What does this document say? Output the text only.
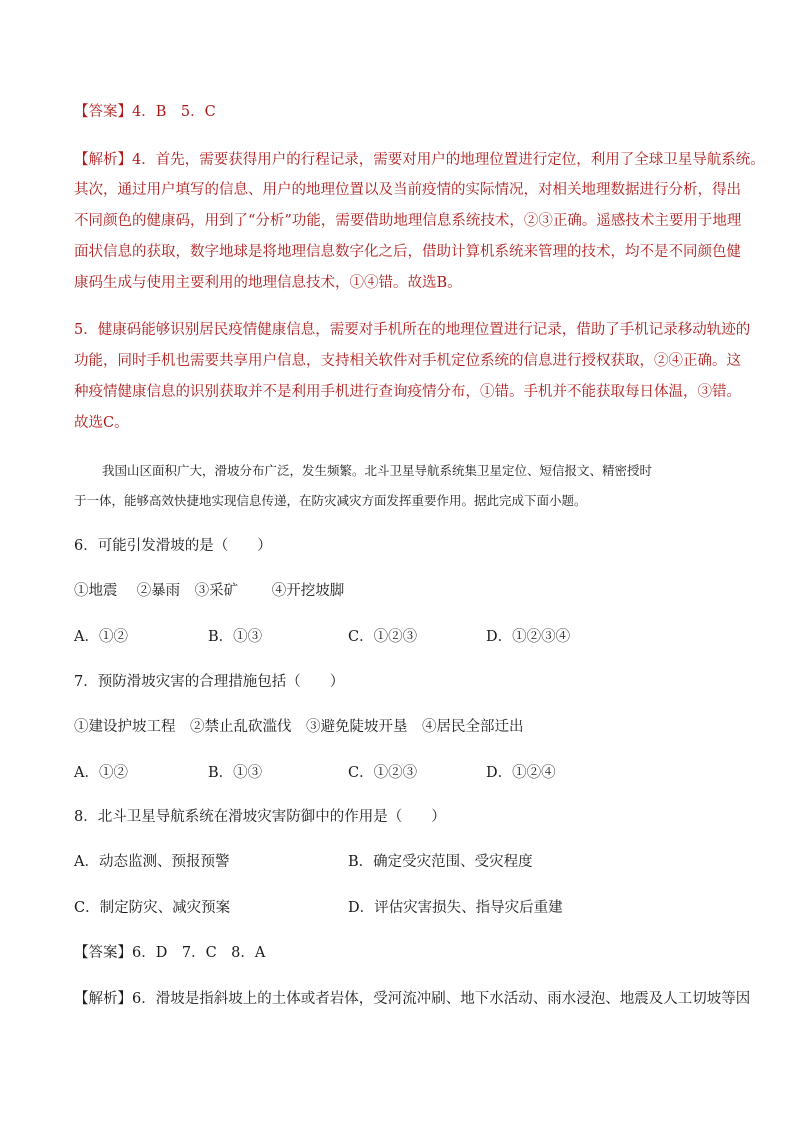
【答案】4．B　5．C
【解析】4．首先，需要获得用户的行程记录，需要对用户的地理位置进行定位，利用了全球卫星导航系统。
其次，通过用户填写的信息、用户的地理位置以及当前疫情的实际情况，对相关地理数据进行分析，得出
不同颜色的健康码，用到了“分析”功能，需要借助地理信息系统技术，②③正确。遥感技术主要用于地理
面状信息的获取，数字地球是将地理信息数字化之后，借助计算机系统来管理的技术，均不是不同颜色健
康码生成与使用主要利用的地理信息技术，①④错。故选B。
5．健康码能够识别居民疫情健康信息，需要对手机所在的地理位置进行记录，借助了手机记录移动轨迹的
功能，同时手机也需要共享用户信息，支持相关软件对手机定位系统的信息进行授权获取，②④正确。这
种疫情健康信息的识别获取并不是利用手机进行查询疫情分布，①错。手机并不能获取每日体温，③错。
故选C。
我国山区面积广大，滑坡分布广泛，发生频繁。北斗卫星导航系统集卫星定位、短信报文、精密授时
于一体，能够高效快捷地实现信息传递，在防灾减灾方面发挥重要作用。据此完成下面小题。
6．可能引发滑坡的是（　　）
①地震　 ②暴雨　③采矿　　 ④开挖坡脚
A．①②	B．①③	C．①②③	D．①②③④
7．预防滑坡灾害的合理措施包括（　　）
①建设护坡工程　②禁止乱砍滥伐　③避免陡坡开垦　④居民全部迁出
A．①②	B．①③	C．①②③	D．①②④
8．北斗卫星导航系统在滑坡灾害防御中的作用是（　　）
A．动态监测、预报预警	B．确定受灾范围、受灾程度
C．制定防灾、减灾预案	D．评估灾害损失、指导灾后重建
【答案】6．D　7．C　8．A
【解析】6．滑坡是指斜坡上的土体或者岩体，受河流冲刷、地下水活动、雨水浸泡、地震及人工切坡等因
